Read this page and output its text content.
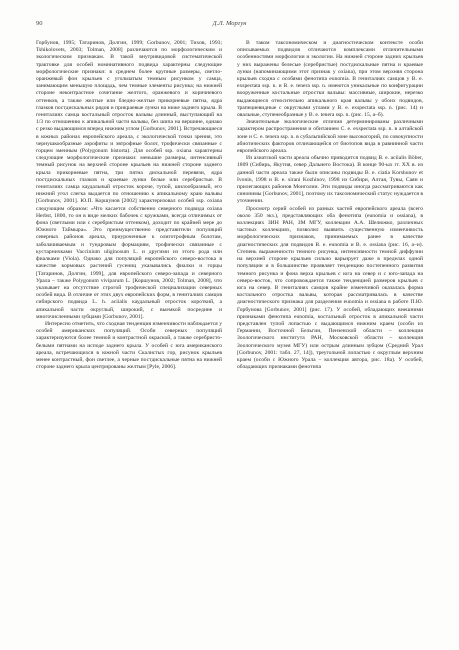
90	Д.Л. Моргун

Горбунов, 1995; Татаринов, Долгин, 1999; Gorbunov, 2001; Тихов, 1993; Tshikolovets, 2003; Tolman, 2008] различаются по морфологическим и экологическим признакам. В такой внутривидовой систематической трактовке для особей номинативного подвида характерны следующие морфологические признаки: в среднем более крупные размеры, светло-оранжевый фон крыльев с угольчатым темным рисунком у самца, занимающим меньшую площадь, чем темные элементы рисунка; на нижней стороне неконтрастное сочетание желтого, оранжевого и коричневого оттенков, а также желтые или бледно-желтые прикорневые пятна, ядра глазков постдискальных рядов и прикраевые лунки на ниже заднего крыла. В гениталиях самца костальный отросток вальвы длинный, выступающий на 1/3 по отношению к апикальной части вальвы, без шипа на вершине, однако с резко выдающимся вперед нижним углом [Gorbunov, 2001]. Встречающиеся в южных районах европейского ареала, с экологической точки зрения, это чернушкообразные аэрофиты и эвтрофные болот, трофически связанные с горцем змеиным (Polygonum bistorta). Для особей ssp. oxiana характерны следующие морфологические признаки: меньшие размеры, интенсивный темный рисунок на верхней стороне крыльев на нижней стороне заднего крыла прикорневые пятна, три пятна дискальной перевязи, ядра постдискальных глазков и краевые лунки белые или серебристые. В гениталиях самца каудальный отросток короче, тупой, шилообразный, его нижний угол слегка выдается по отношению к апикальному краю вальвы [Gorbunov, 2001]. Ю.П. Коршунов [2002] характеризовал особей ssp. oxiana следующим образом: «Что касается собственно северного подвида oxiana Herbst, 1800, то он в виде мелких бабочек с кружками, всегда отличимых от фона (светлыми или с серебристым оттенком), доходит по крайней мере до Южного Таймыра». Это преимущественно представители популяций северных районов ареала, приуроченные к олиготрофным болотам, заболачиваемым и тундровым формациям, трофически связанные с кустарничками Vaccinium uliginosum L. и другими из этого рода или фиалками (Viola). Однако для популяций европейского северо-востока в качестве кормовых растений гусениц указывались фиалки и горцы [Татаринов, Долгин, 1999], для европейского северо-запада и северного Урала – также Polygonum viviparum L. [Коршунов, 2002; Tolman, 2008], что указывает на отсутствие строгой трофической специализации северных особей вида. В отличие от этих двух европейских форм, в гениталиях самцов сибирского подвида L. h. aciialis каудальный отросток короткий, а апикальной части округлый, широкий, с выемкой посредине и многочисленными зубцами [Gorbunov, 2001].

Интересно отметить, что сходная тенденция изменчивости наблюдается у особей американских популяций. Особи северных популяций характеризуются более темной и контрастной окраской, а также серебристо-белыми пятнами на исподе заднего крыла. У особей с юга американского ареала, встречающихся в южной части Скалистых гор, рисунок крыльев менее контрастный, фон светлее, а черные постдискальные пятна на нижней стороне заднего крыла центрированы желтым [Pyle, 2006].

В таком таксономическом и диагностическом контексте особи описываемых подвидов отличаются комплексами отличительными особенностями морфологии и экологии. На нижней стороне задних крыльев у них выражены белесые (серебристые) постдискальные пятна и краевые лунки (напоминающими этот признак у oxiana), при этом верхняя сторона крыльев сходна с особями фенотипа eunomia. В гениталиях самцов у B. e. exspectata ssp. n. и B. e. tenera ssp. n. имеются уникальные по конфигурации вооруженные костальные отростки вальвы: массивные, широкие, нерезко выдающиеся относительно апикального края вальвы у обоих подвидов, трапециевидные с округлыми углами у B. e. exspectata ssp. n. (рис. 14) и овальные, ступенеобразные у B. e. tenera ssp. n. (рис. 15, a–б).

Значительные экологические отличия детерминированы различными характером распространения и обитанием С. е. exspectata ssp. n. в алтайской зоне и С. е. tenera ssp. n. в субальпийской зоне высокогорий, по совокупности абиотических факторов отличающейся от биотопов вида в равнинной части европейского ареала.

Из азиатской части ареала обычно приводится подвид B. e. aciialis Böber, 1809 (Сибирь, Якутия, север Дальнего Востока). В конце 90-ых гг. XX в. из данной части ареала также были описаны подвиды B. e. ciatia Korshunov et Ivonin, 1998 и B. e. sirani Kozhinov, 1998 из Сибири, Алтая, Тувы, Саян и прилегающих районов Монголии. Эти подвиды иногда рассматриваются как синонимы [Gorbunov, 2001], поэтому их таксономический статус нуждается в уточнении.

Просмотр серий особей из разных частей европейского ареала (всего около 350 экз.), представляющих оба фенотипа (eunomia и ossiana), в коллекциях ЗИН РАН, ЗМ МГУ, коллекции А.А. Шелюжко, различных частных коллекциях, позволил выявить существенную изменчивость морфологических признаков, принимаемых ранее в качестве диагностических для подвидов B. e. eunomia и B. e. ossiana (рис. 16, a–и). Степень выраженности темного рисунка, интенсивности темной диффузии на верхней стороне крыльев сильно варьирует даже в пределах одной популяции и в большинстве проявляет тенденцию постепенного развития темного рисунка и фона верха крыльев с юга на север и с юго-запада на северо-восток, что сопровождается также тенденцией размеров крыльев с юга на север. В гениталиях самцов крайне изменчивой оказалась форма костального отростка вальвы, которая рассматривалась в качестве диагностического признака для разделения eunomia и ossiana в работе П.Ю. Горбунова [Gorbunov, 2001] (рис. 17). У особей, обладающих внешними признаками фенотипа eunomia, костальный отросток в апикальной части представлен тупой лопастью с выдающимся нижним краем (особи из Германии, Восточной Бельгии, Пензенской области – коллекция Зоологического института РАН, Московской области – коллекция Зоологического музея МГУ) или острым длинным зубцом (Средний Урал [Gorbunov, 2001: табл. 27, 14]), треугольной лопастью с округлым верхним краем (особи с Южного Урала – коллекция автора, рис. 18a). У особей, обладающих признаками фенотипа
